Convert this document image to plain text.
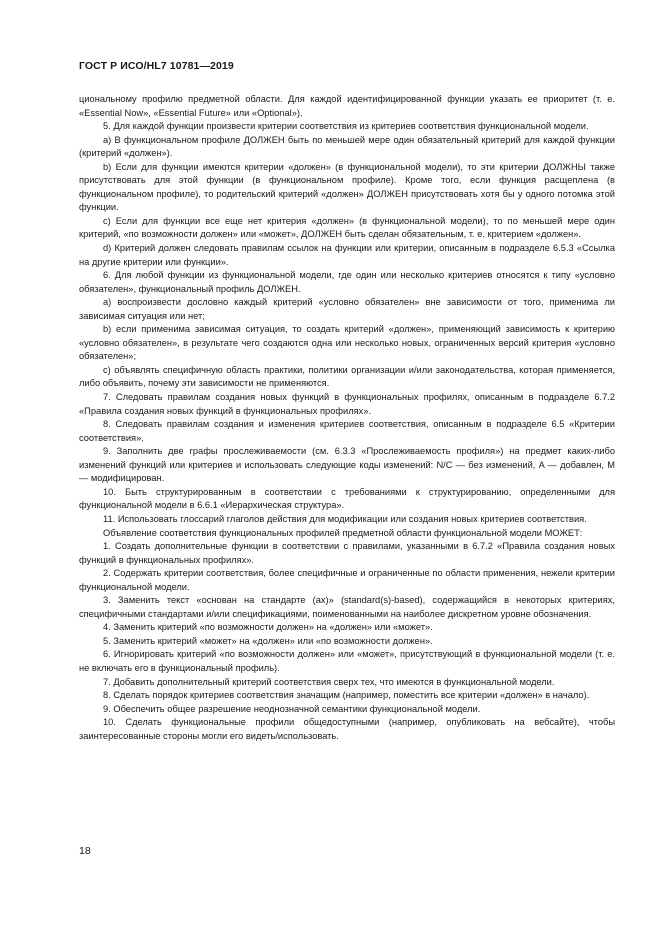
ГОСТ Р ИСО/HL7 10781—2019

циональному профилю предметной области. Для каждой идентифицированной функции указать ее приоритет (т. е. «Essential Now», «Essential Future» или «Optional»).

5. Для каждой функции произвести критерии соответствия из критериев соответствия функциональной модели.

a) В функциональном профиле ДОЛЖЕН быть по меньшей мере один обязательный критерий для каждой функции (критерий «должен»).

b) Если для функции имеются критерии «должен» (в функциональной модели), то эти критерии ДОЛЖНЫ также присутствовать для этой функции (в функциональном профиле). Кроме того, если функция расщеплена (в функциональном профиле), то родительский критерий «должен» ДОЛЖЕН присутствовать хотя бы у одного потомка этой функции.

c) Если для функции все еще нет критерия «должен» (в функциональной модели), то по меньшей мере один критерий, «по возможности должен» или «может», ДОЛЖЕН быть сделан обязательным, т. е. критерием «должен».

d) Критерий должен следовать правилам ссылок на функции или критерии, описанным в подразделе 6.5.3 «Ссылка на другие критерии или функции».

6. Для любой функции из функциональной модели, где один или несколько критериев относятся к типу «условно обязателен», функциональный профиль ДОЛЖЕН.

a) воспроизвести дословно каждый критерий «условно обязателен» вне зависимости от того, применима ли зависимая ситуация или нет;

b) если применима зависимая ситуация, то создать критерий «должен», применяющий зависимость к критерию «условно обязателен», в результате чего создаются одна или несколько новых, ограниченных версий критерия «условно обязателен»;

c) объявлять специфичную область практики, политики организации и/или законодательства, которая применяется, либо объявить, почему эти зависимости не применяются.

7. Следовать правилам создания новых функций в функциональных профилях, описанным в подразделе 6.7.2 «Правила создания новых функций в функциональных профилях».

8. Следовать правилам создания и изменения критериев соответствия, описанным в подразделе 6.5 «Критерии соответствия».

9. Заполнить две графы прослеживаемости (см. 6.3.3 «Прослеживаемость профиля») на предмет каких-либо изменений функций или критериев и использовать следующие коды изменений: N/C — без изменений, A — добавлен, M — модифицирован.

10. Быть структурированным в соответствии с требованиями к структурированию, определенными для функциональной модели в 6.6.1 «Иерархическая структура».

11. Использовать глоссарий глаголов действия для модификации или создания новых критериев соответствия.

Объявление соответствия функциональных профилей предметной области функциональной модели МОЖЕТ:

1. Создать дополнительные функции в соответствии с правилами, указанными в 6.7.2 «Правила создания новых функций в функциональных профилях».

2. Содержать критерии соответствия, более специфичные и ограниченные по области применения, нежели критерии функциональной модели.

3. Заменить текст «основан на стандарте (ах)» (standard(s)-based), содержащийся в некоторых критериях, специфичными стандартами и/или спецификациями, поименованными на наиболее дискретном уровне обозначения.

4. Заменить критерий «по возможности должен» на «должен» или «может».

5. Заменить критерий «может» на «должен» или «по возможности должен».

6. Игнорировать критерий «по возможности должен» или «может», присутствующий в функциональной модели (т. е. не включать его в функциональный профиль).

7. Добавить дополнительный критерий соответствия сверх тех, что имеются в функциональной модели.

8. Сделать порядок критериев соответствия значащим (например, поместить все критерии «должен» в начало).

9. Обеспечить общее разрешение неоднозначной семантики функциональной модели.

10. Сделать функциональные профили общедоступными (например, опубликовать на вебсайте), чтобы заинтересованные стороны могли его видеть/использовать.

18
